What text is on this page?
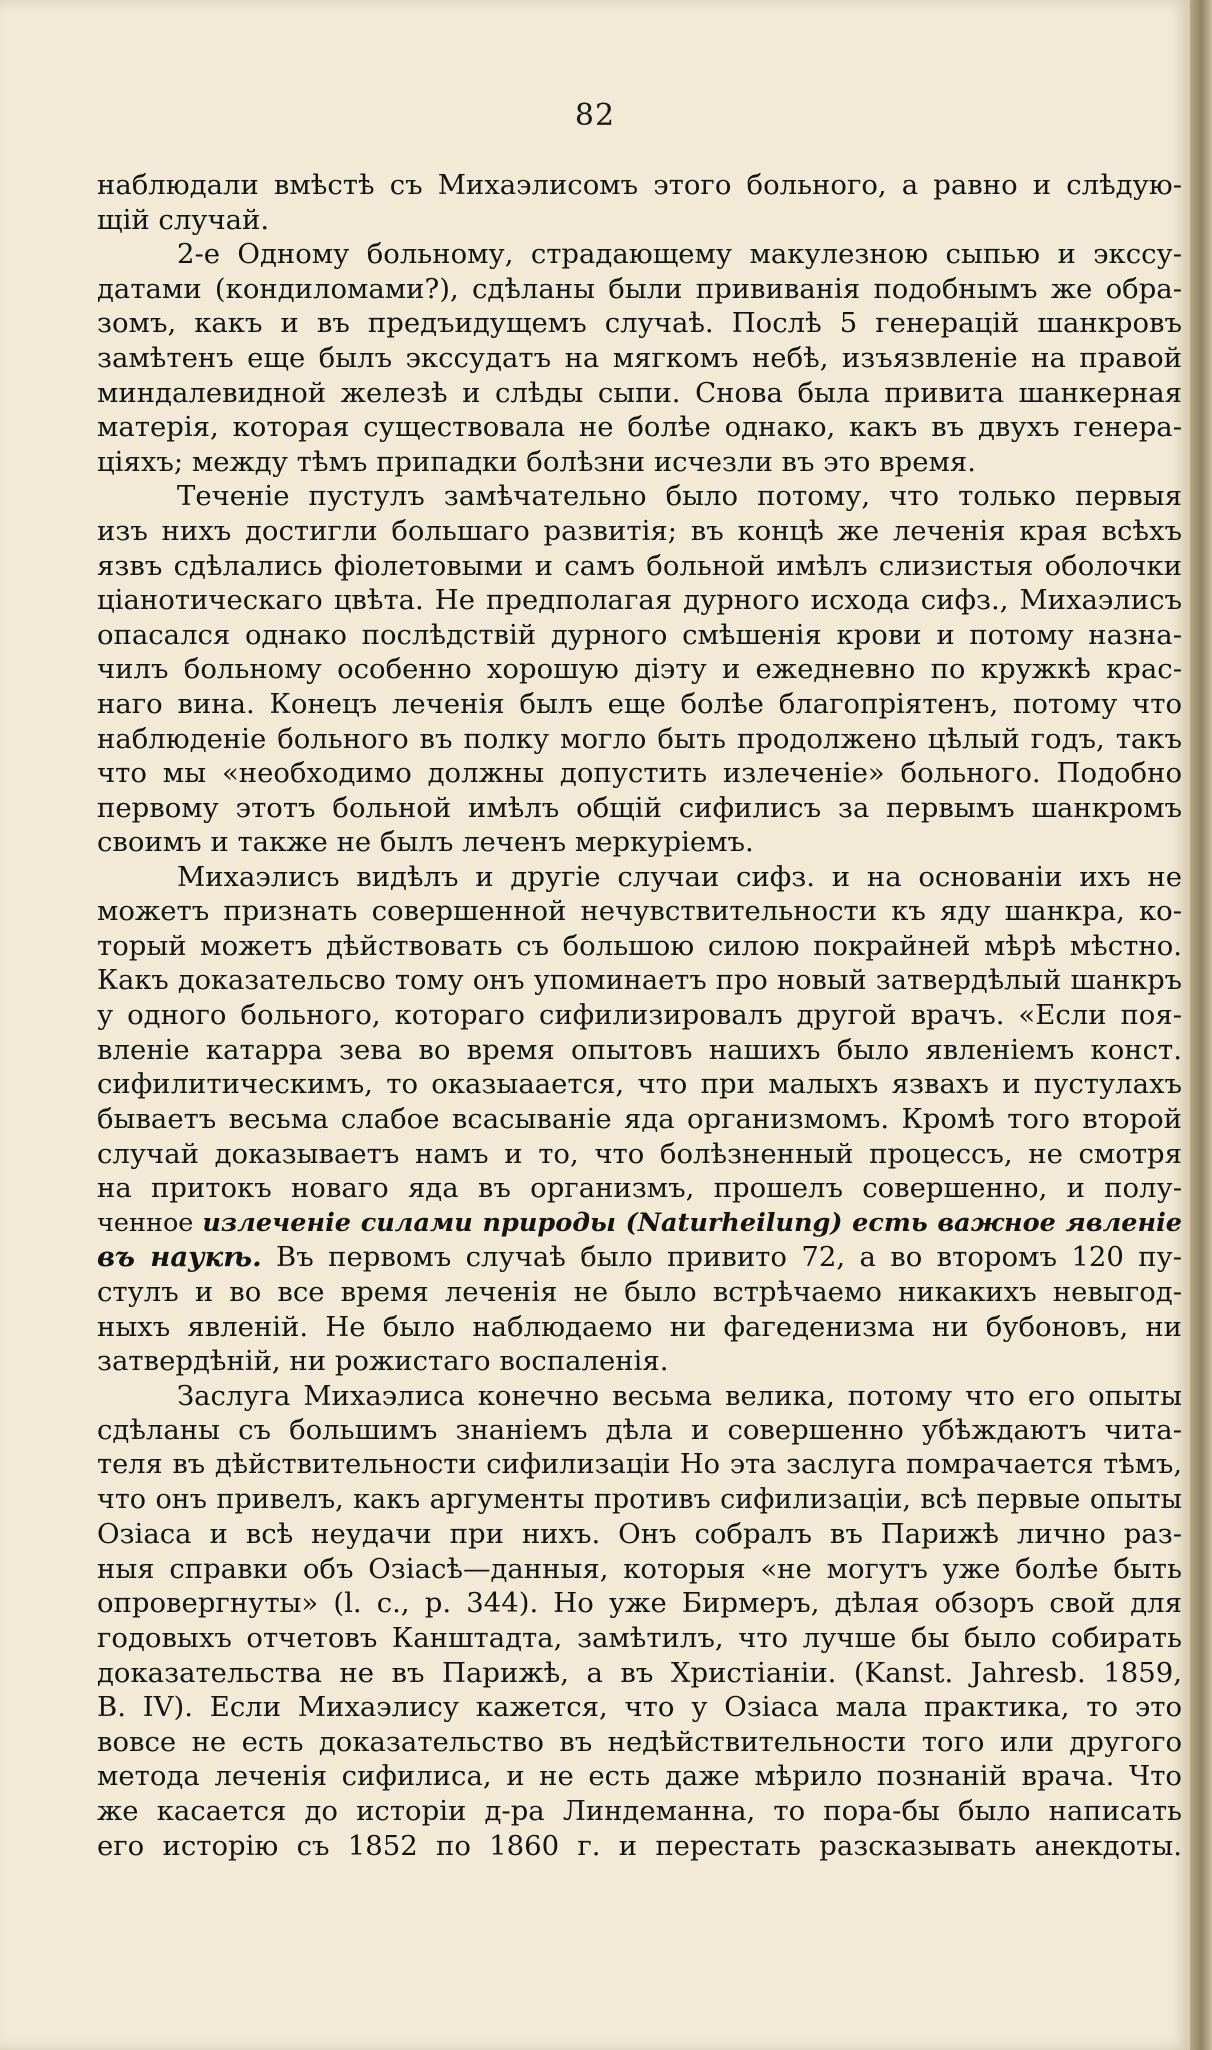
82
наблюдали вмѣстѣ съ Михаэлисомъ этого больного, а равно и слѣдую-
щій случай.
2-е Одному больному, страдающему макулезною сыпью и экссу-
датами (кондиломами?), сдѣланы были прививанія подобнымъ же обра-
зомъ, какъ и въ предъидущемъ случаѣ. Послѣ 5 генерацій шанкровъ
замѣтенъ еще былъ экссудатъ на мягкомъ небѣ, изъязвленіе на правой
миндалевидной железѣ и слѣды сыпи. Снова была привита шанкерная
матерія, которая существовала не болѣе однако, какъ въ двухъ генера-
ціяхъ; между тѣмъ припадки болѣзни исчезли въ это время.
Теченіе пустулъ замѣчательно было потому, что только первыя
изъ нихъ достигли большаго развитія; въ концѣ же леченія края всѣхъ
язвъ сдѣлались фіолетовыми и самъ больной имѣлъ слизистыя оболочки
ціанотическаго цвѣта. Не предполагая дурного исхода сифз., Михаэлисъ
опасался однако послѣдствій дурного смѣшенія крови и потому назна-
чилъ больному особенно хорошую діэту и ежедневно по кружкѣ крас-
наго вина. Конецъ леченія былъ еще болѣе благопріятенъ, потому что
наблюденіе больного въ полку могло быть продолжено цѣлый годъ, такъ
что мы «необходимо должны допустить излеченіе» больного. Подобно
первому этотъ больной имѣлъ общій сифилисъ за первымъ шанкромъ
своимъ и также не былъ леченъ меркуріемъ.
Михаэлисъ видѣлъ и другіе случаи сифз. и на основаніи ихъ не
можетъ признать совершенной нечувствительности къ яду шанкра, ко-
торый можетъ дѣйствовать съ большою силою покрайней мѣрѣ мѣстно.
Какъ доказательсво тому онъ упоминаетъ про новый затвердѣлый шанкръ
у одного больного, котораго сифилизировалъ другой врачъ. «Если поя-
вленіе катарра зева во время опытовъ нашихъ было явленіемъ конст.
сифилитическимъ, то оказыаается, что при малыхъ язвахъ и пустулахъ
бываетъ весьма слабое всасываніе яда организмомъ. Кромѣ того второй
случай доказываетъ намъ и то, что болѣзненный процессъ, не смотря
на притокъ новаго яда въ организмъ, прошелъ совершенно, и полу-
ченное излеченіе силами природы (Naturheilung) есть важное явленіе
въ наукѣ. Въ первомъ случаѣ было привито 72, а во второмъ 120 пу-
стулъ и во все время леченія не было встрѣчаемо никакихъ невыгод-
ныхъ явленій. Не было наблюдаемо ни фагеденизма ни бубоновъ, ни
затвердѣній, ни рожистаго воспаленія.
Заслуга Михаэлиса конечно весьма велика, потому что его опыты
сдѣланы съ большимъ знаніемъ дѣла и совершенно убѣждаютъ чита-
теля въ дѣйствительности сифилизаціи Но эта заслуга помрачается тѣмъ,
что онъ привелъ, какъ аргументы противъ сифилизаціи, всѣ первые опыты
Озіаса и всѣ неудачи при нихъ. Онъ собралъ въ Парижѣ лично раз-
ныя справки объ Озіасѣ—данныя, которыя «не могутъ уже болѣе быть
опровергнуты» (l. c., p. 344). Но уже Бирмеръ, дѣлая обзоръ свой для
годовыхъ отчетовъ Канштадта, замѣтилъ, что лучше бы было собирать
доказательства не въ Парижѣ, а въ Христіаніи. (Kanst. Jahresb. 1859,
B. IV). Если Михаэлису кажется, что у Озіаса мала практика, то это
вовсе не есть доказательство въ недѣйствительности того или другого
метода леченія сифилиса, и не есть даже мѣрило познаній врача. Что
же касается до исторіи д-ра Линдеманна, то пора-бы было написать
его исторію съ 1852 по 1860 г. и перестать разсказывать анекдоты.
